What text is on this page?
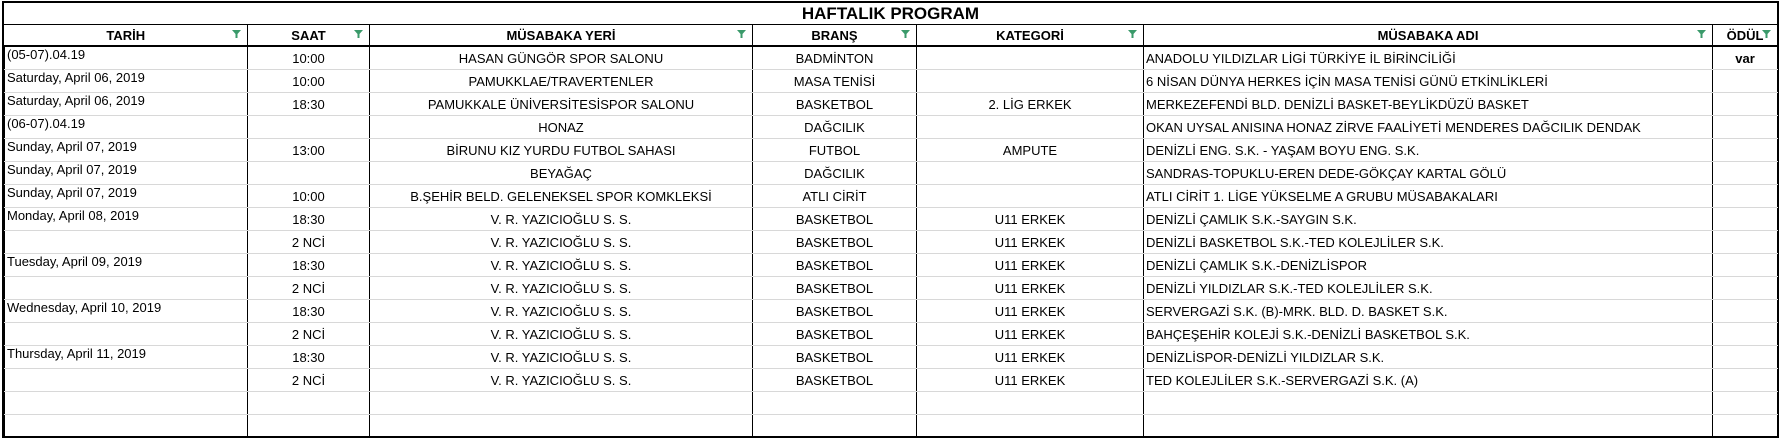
HAFTALIK PROGRAM
TARİH	SAAT	MÜSABAKA YERİ	BRANŞ	KATEGORİ	MÜSABAKA ADI	ÖDÜL

(05-07).04.19	10:00	HASAN GÜNGÖR SPOR SALONU	BADMİNTON		ANADOLU YILDIZLAR LİGİ TÜRKİYE İL BİRİNCİLİĞİ	var
Saturday, April 06, 2019	10:00	PAMUKKLAE/TRAVERTENLER	MASA TENİSİ		6 NİSAN DÜNYA HERKES İÇİN MASA TENİSİ GÜNÜ ETKİNLİKLERİ	
Saturday, April 06, 2019	18:30	PAMUKKALE ÜNİVERSİTESİSPOR SALONU	BASKETBOL	2. LİG ERKEK	MERKEZEFENDİ BLD. DENİZLİ BASKET-BEYLİKDÜZÜ BASKET	
(06-07).04.19		HONAZ	DAĞCILIK		OKAN UYSAL ANISINA HONAZ ZİRVE FAALİYETİ MENDERES DAĞCILIK DENDAK	
Sunday, April 07, 2019	13:00	BİRUNU KIZ YURDU FUTBOL SAHASI	FUTBOL	AMPUTE	DENİZLİ ENG. S.K. - YAŞAM BOYU ENG. S.K.	
Sunday, April 07, 2019		BEYAĞAÇ	DAĞCILIK		SANDRAS-TOPUKLU-EREN DEDE-GÖKÇAY KARTAL GÖLÜ	
Sunday, April 07, 2019	10:00	B.ŞEHİR BELD. GELENEKSEL SPOR KOMKLEKSİ	ATLI CİRİT		ATLI CİRİT 1. LİGE YÜKSELME A GRUBU MÜSABAKALARI	
Monday, April 08, 2019	18:30	V. R. YAZICIOĞLU S. S.	BASKETBOL	U11 ERKEK	DENİZLİ ÇAMLIK S.K.-SAYGIN S.K.	
	2 NCİ	V. R. YAZICIOĞLU S. S.	BASKETBOL	U11 ERKEK	DENİZLİ BASKETBOL S.K.-TED KOLEJLİLER S.K.	
Tuesday, April 09, 2019	18:30	V. R. YAZICIOĞLU S. S.	BASKETBOL	U11 ERKEK	DENİZLİ ÇAMLIK S.K.-DENİZLİSPOR	
	2 NCİ	V. R. YAZICIOĞLU S. S.	BASKETBOL	U11 ERKEK	DENİZLİ YILDIZLAR S.K.-TED KOLEJLİLER S.K.	
Wednesday, April 10, 2019	18:30	V. R. YAZICIOĞLU S. S.	BASKETBOL	U11 ERKEK	SERVERGAZİ S.K. (B)-MRK. BLD. D. BASKET S.K.	
	2 NCİ	V. R. YAZICIOĞLU S. S.	BASKETBOL	U11 ERKEK	BAHÇEŞEHİR KOLEJİ S.K.-DENİZLİ BASKETBOL S.K.	
Thursday, April 11, 2019	18:30	V. R. YAZICIOĞLU S. S.	BASKETBOL	U11 ERKEK	DENİZLİSPOR-DENİZLİ YILDIZLAR S.K.	
	2 NCİ	V. R. YAZICIOĞLU S. S.	BASKETBOL	U11 ERKEK	TED KOLEJLİLER S.K.-SERVERGAZİ S.K. (A)	
